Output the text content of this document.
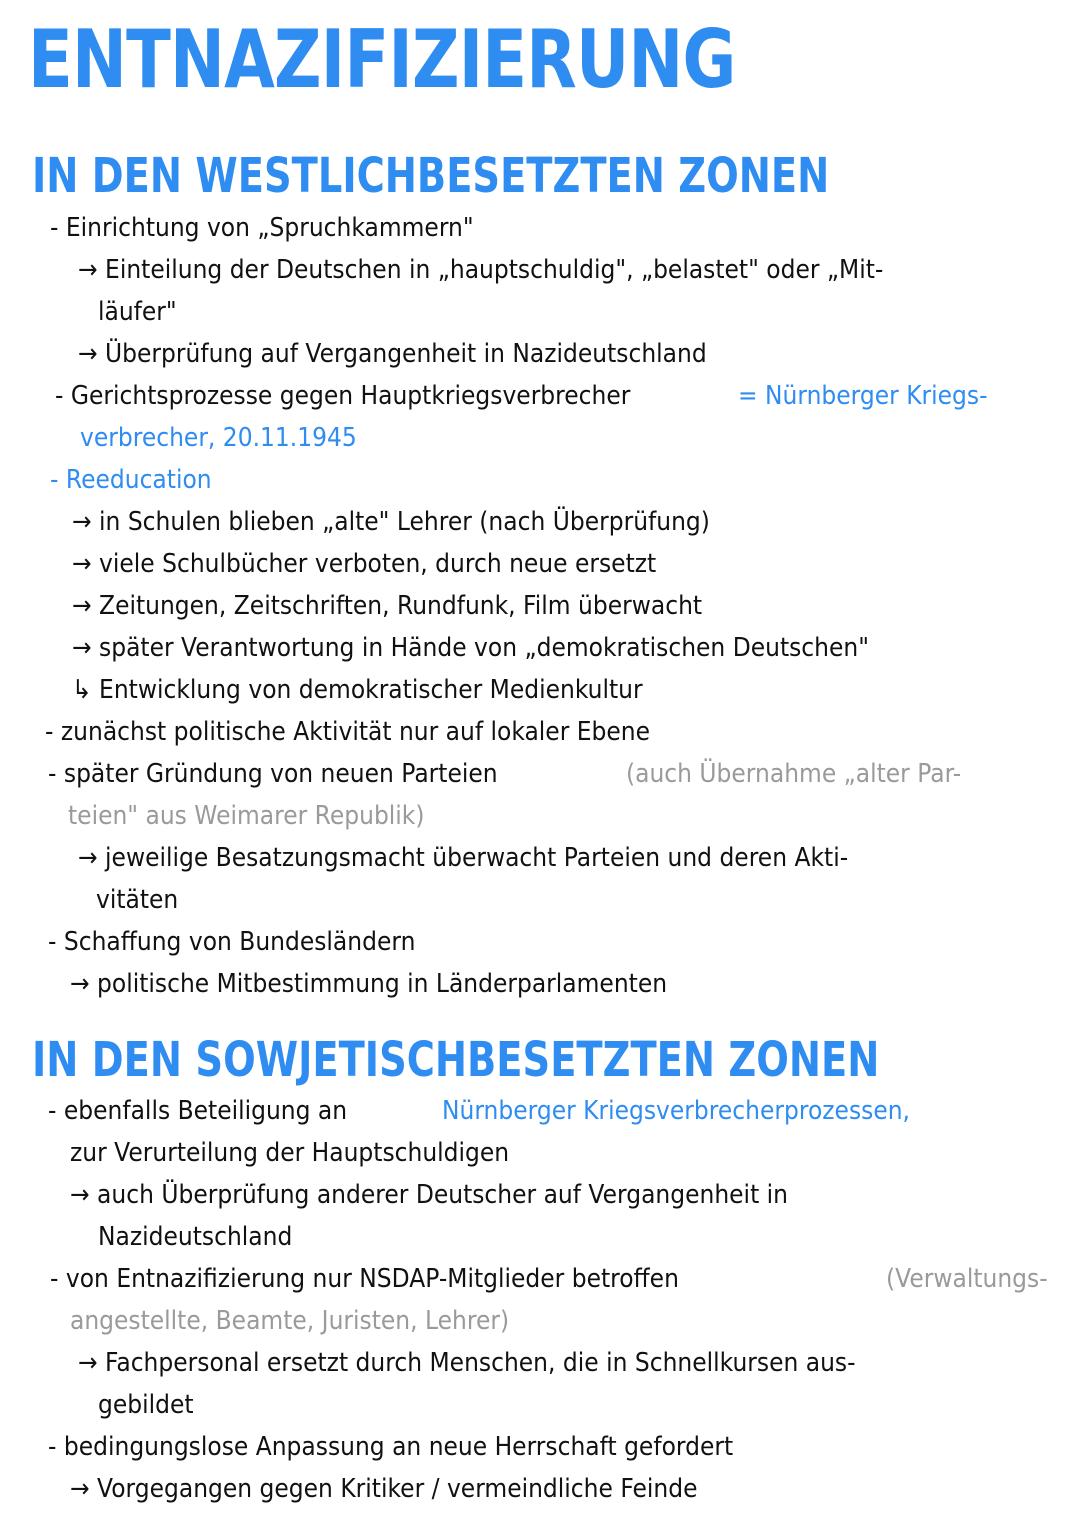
ENTNAZIFIZIERUNG
IN DEN WESTLICHBESETZTEN ZONEN
- Einrichtung von „Spruchkammern"
→ Einteilung der Deutschen in „hauptschuldig", „belastet" oder „Mit-
läufer"
→ Überprüfung auf Vergangenheit in Nazideutschland
- Gerichtsprozesse gegen Hauptkriegsverbrecher	= Nürnberger Kriegs-
verbrecher, 20.11.1945
- Reeducation
→ in Schulen blieben „alte" Lehrer (nach Überprüfung)
→ viele Schulbücher verboten, durch neue ersetzt
→ Zeitungen, Zeitschriften, Rundfunk, Film überwacht
→ später Verantwortung in Hände von „demokratischen Deutschen"
↳ Entwicklung von demokratischer Medienkultur
- zunächst politische Aktivität nur auf lokaler Ebene
- später Gründung von neuen Parteien	(auch Übernahme „alter Par-
teien" aus Weimarer Republik)
→ jeweilige Besatzungsmacht überwacht Parteien und deren Akti-
vitäten
- Schaffung von Bundesländern
→ politische Mitbestimmung in Länderparlamenten
IN DEN SOWJETISCHBESETZTEN ZONEN
- ebenfalls Beteiligung an	Nürnberger Kriegsverbrecherprozessen,
zur Verurteilung der Hauptschuldigen
→ auch Überprüfung anderer Deutscher auf Vergangenheit in
Nazideutschland
- von Entnazifizierung nur NSDAP-Mitglieder betroffen	(Verwaltungs-
angestellte, Beamte, Juristen, Lehrer)
→ Fachpersonal ersetzt durch Menschen, die in Schnellkursen aus-
gebildet
- bedingungslose Anpassung an neue Herrschaft gefordert
→ Vorgegangen gegen Kritiker / vermeindliche Feinde
